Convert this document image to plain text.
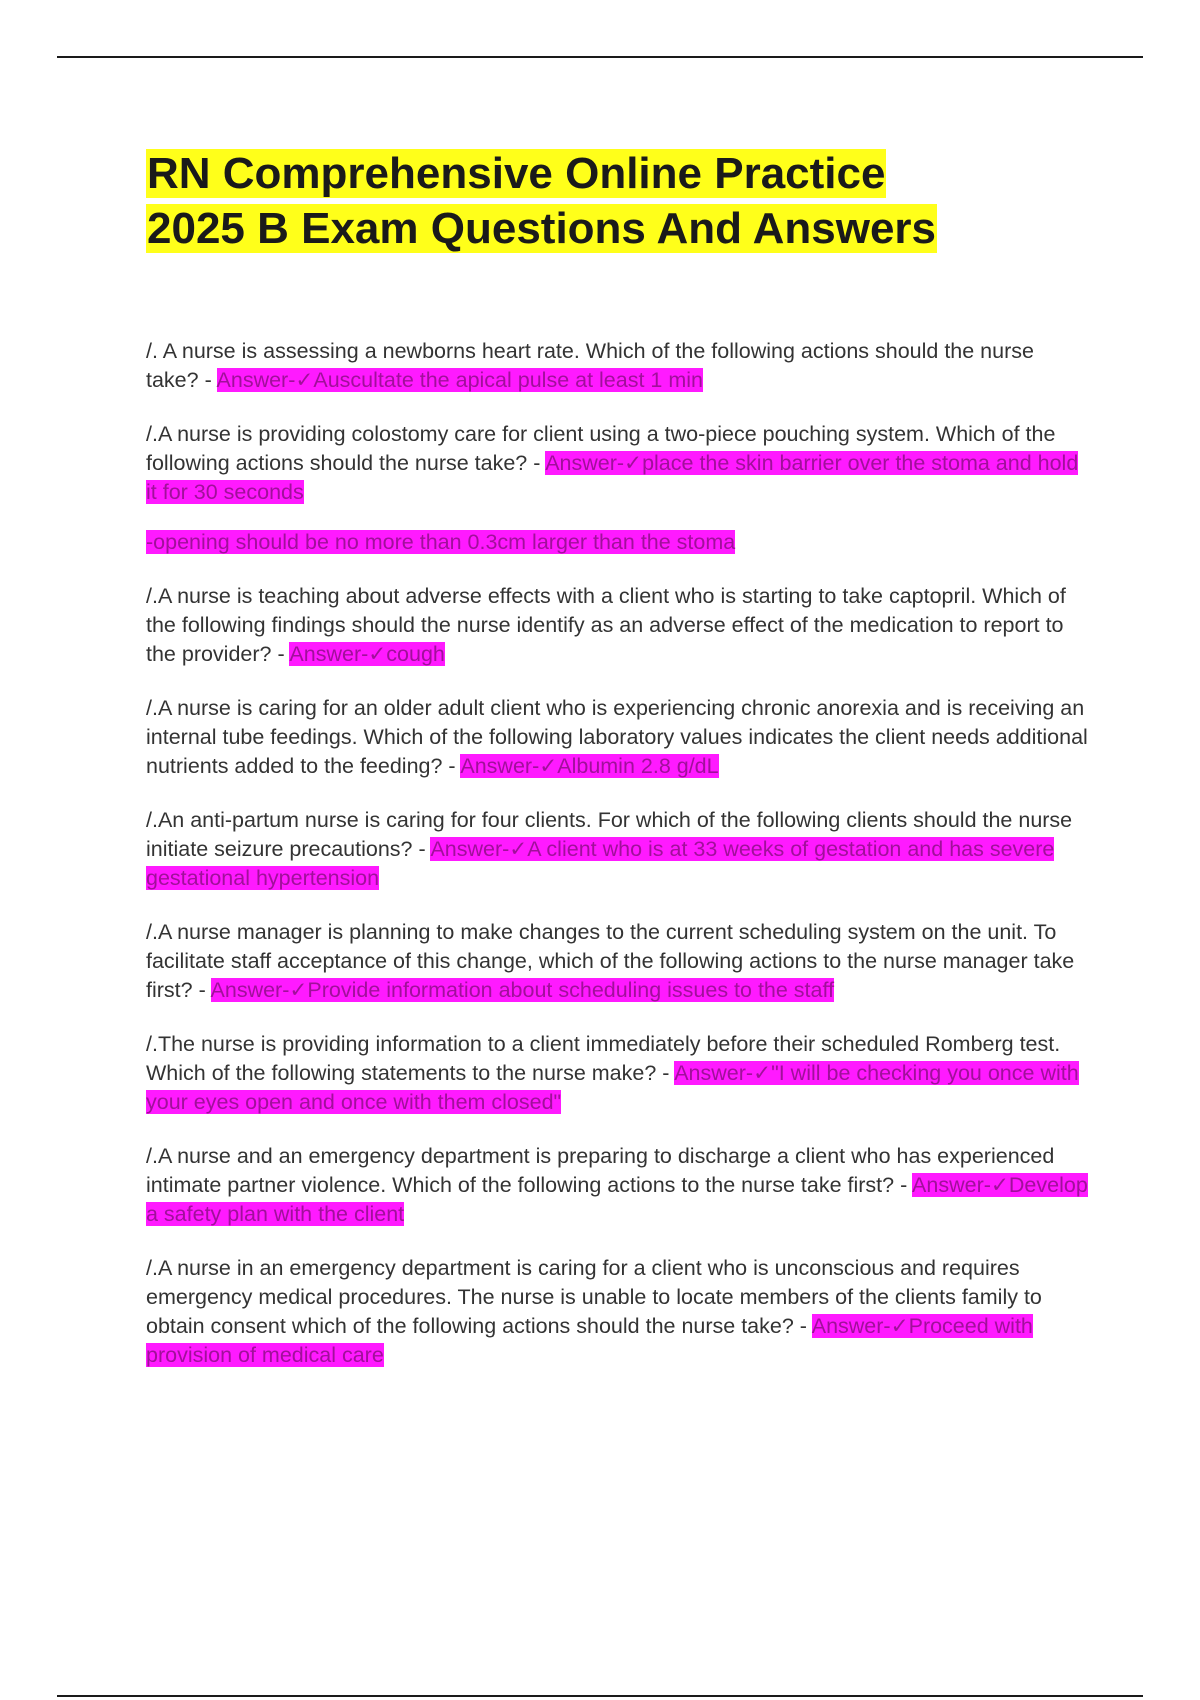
RN Comprehensive Online Practice
2025 B Exam Questions And Answers

/. A nurse is assessing a newborns heart rate. Which of the following actions should the nurse take? - Answer-✓Auscultate the apical pulse at least 1 min

/.A nurse is providing colostomy care for client using a two-piece pouching system. Which of the following actions should the nurse take? - Answer-✓place the skin barrier over the stoma and hold it for 30 seconds

-opening should be no more than 0.3cm larger than the stoma

/.A nurse is teaching about adverse effects with a client who is starting to take captopril. Which of the following findings should the nurse identify as an adverse effect of the medication to report to the provider? - Answer-✓cough

/.A nurse is caring for an older adult client who is experiencing chronic anorexia and is receiving an internal tube feedings. Which of the following laboratory values indicates the client needs additional nutrients added to the feeding? - Answer-✓Albumin 2.8 g/dL

/.An anti-partum nurse is caring for four clients. For which of the following clients should the nurse initiate seizure precautions? - Answer-✓A client who is at 33 weeks of gestation and has severe gestational hypertension

/.A nurse manager is planning to make changes to the current scheduling system on the unit. To facilitate staff acceptance of this change, which of the following actions to the nurse manager take first? - Answer-✓Provide information about scheduling issues to the staff

/.The nurse is providing information to a client immediately before their scheduled Romberg test. Which of the following statements to the nurse make? - Answer-✓"I will be checking you once with your eyes open and once with them closed"

/.A nurse and an emergency department is preparing to discharge a client who has experienced intimate partner violence. Which of the following actions to the nurse take first? - Answer-✓Develop a safety plan with the client

/.A nurse in an emergency department is caring for a client who is unconscious and requires emergency medical procedures. The nurse is unable to locate members of the clients family to obtain consent which of the following actions should the nurse take? - Answer-✓Proceed with provision of medical care
